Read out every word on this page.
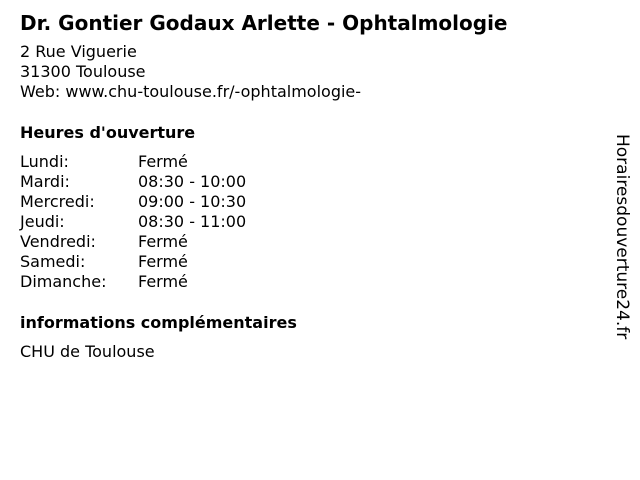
Dr. Gontier Godaux Arlette - Ophtalmologie
2 Rue Viguerie
31300 Toulouse
Web: www.chu-toulouse.fr/-ophtalmologie-
Heures d'ouverture
Lundi:	Fermé
Mardi:	08:30 - 10:00
Mercredi:	09:00 - 10:30
Jeudi:	08:30 - 11:00
Vendredi:	Fermé
Samedi:	Fermé
Dimanche:	Fermé
informations complémentaires
CHU de Toulouse
Horairesdouverture24.fr
